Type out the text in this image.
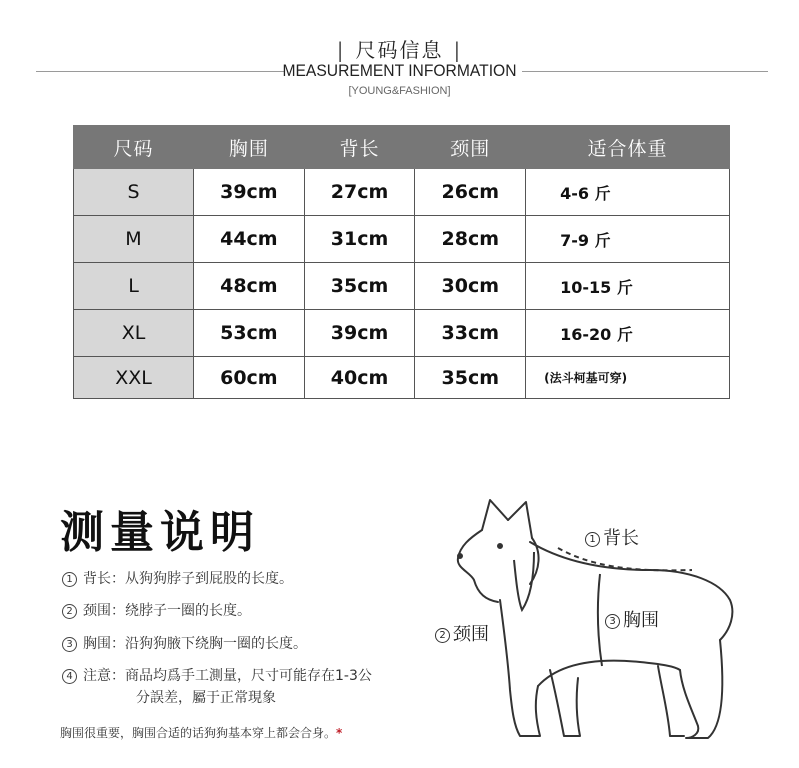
| 尺码信息 |
MEASUREMENT INFORMATION
[YOUNG&FASHION]
尺码	胸围	背长	颈围	适合体重
S	39cm	27cm	26cm	4-6 斤
M	44cm	31cm	28cm	7-9 斤
L	48cm	35cm	30cm	10-15 斤
XL	53cm	39cm	33cm	16-20 斤
XXL	60cm	40cm	35cm	(法斗柯基可穿)
测量说明
1 背长：从狗狗脖子到屁股的长度。
2 颈围：绕脖子一圈的长度。
3 胸围：沿狗狗腋下绕胸一圈的长度。
4 注意：商品均爲手工測量，尺寸可能存在1-3公
分誤差，屬于正常現象
胸围很重要，胸围合适的话狗狗基本穿上都会合身。*
1 背长
2 颈围
3 胸围
